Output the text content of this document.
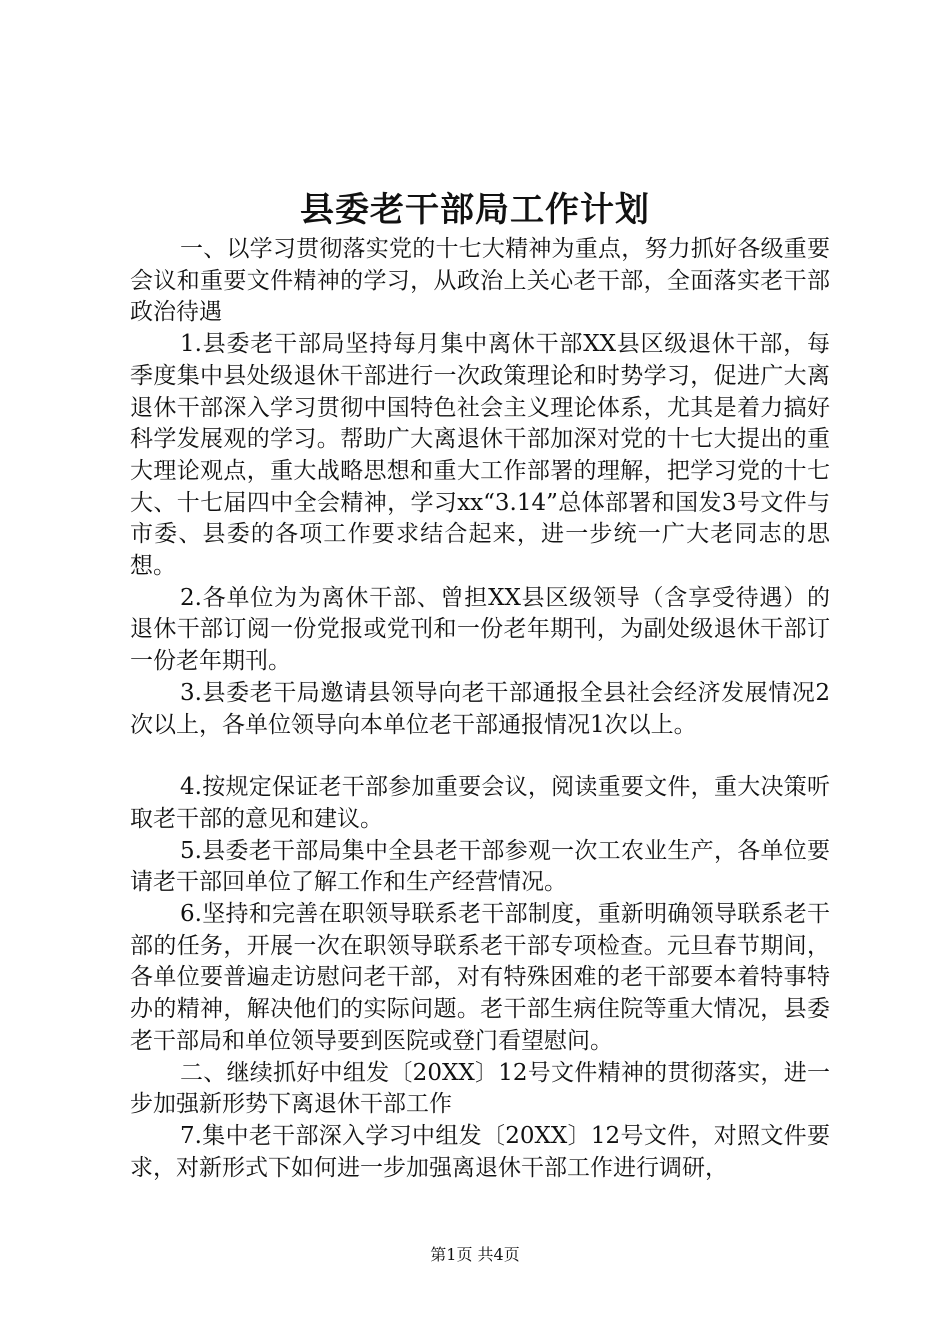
县委老干部局工作计划

一、以学习贯彻落实党的十七大精神为重点，努力抓好各级重要会议和重要文件精神的学习，从政治上关心老干部，全面落实老干部政治待遇

1.县委老干部局坚持每月集中离休干部XX县区级退休干部，每季度集中县处级退休干部进行一次政策理论和时势学习，促进广大离退休干部深入学习贯彻中国特色社会主义理论体系，尤其是着力搞好科学发展观的学习。帮助广大离退休干部加深对党的十七大提出的重大理论观点，重大战略思想和重大工作部署的理解，把学习党的十七大、十七届四中全会精神，学习xx“3.14”总体部署和国发3号文件与市委、县委的各项工作要求结合起来，进一步统一广大老同志的思想。

2.各单位为为离休干部、曾担XX县区级领导（含享受待遇）的退休干部订阅一份党报或党刊和一份老年期刊，为副处级退休干部订一份老年期刊。

3.县委老干局邀请县领导向老干部通报全县社会经济发展情况2次以上，各单位领导向本单位老干部通报情况1次以上。

4.按规定保证老干部参加重要会议，阅读重要文件，重大决策听取老干部的意见和建议。

5.县委老干部局集中全县老干部参观一次工农业生产，各单位要请老干部回单位了解工作和生产经营情况。

6.坚持和完善在职领导联系老干部制度，重新明确领导联系老干部的任务，开展一次在职领导联系老干部专项检查。元旦春节期间，各单位要普遍走访慰问老干部，对有特殊困难的老干部要本着特事特办的精神，解决他们的实际问题。老干部生病住院等重大情况，县委老干部局和单位领导要到医院或登门看望慰问。

二、继续抓好中组发〔20XX〕12号文件精神的贯彻落实，进一步加强新形势下离退休干部工作

7.集中老干部深入学习中组发〔20XX〕12号文件，对照文件要求，对新形式下如何进一步加强离退休干部工作进行调研，

第1页 共4页
